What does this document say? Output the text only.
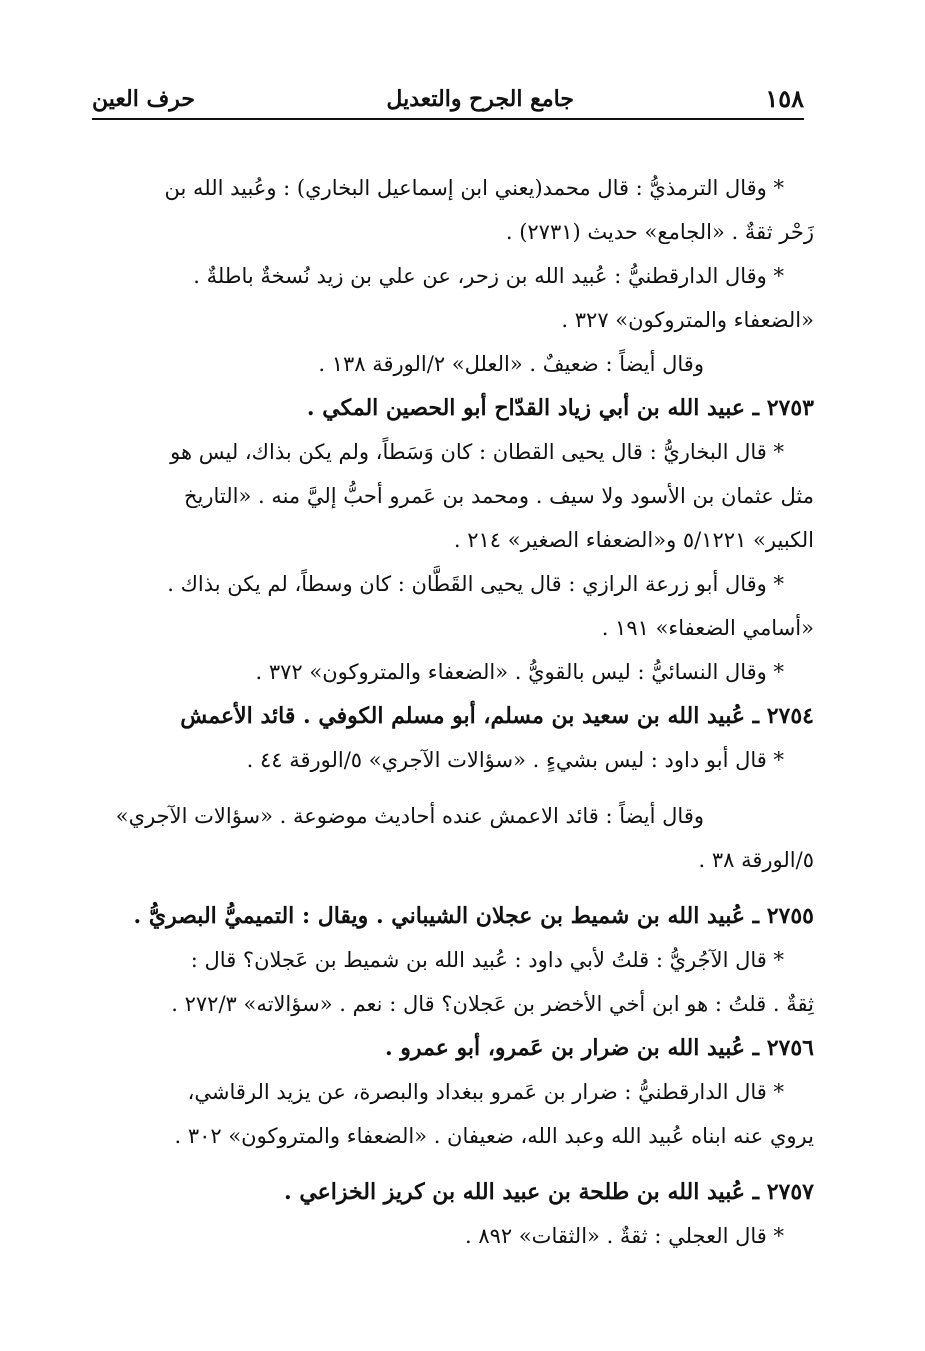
حرف العين	جامع الجرح والتعديل	١٥٨
* وقال الترمذيُّ : قال محمد(يعني ابن إسماعيل البخاري) : وعُبيد الله بن
زَحْر ثقةٌ . «الجامع» حديث (٢٧٣١) .
* وقال الدارقطنيُّ : عُبيد الله بن زحر، عن علي بن زيد نُسخةٌ باطلةٌ .
«الضعفاء والمتروكون» ٣٢٧ .
وقال أيضاً : ضعيفٌ . «العلل» ٢/الورقة ١٣٨ .
٢٧٥٣ ـ عبيد الله بن أبي زياد القدّاح أبو الحصين المكي .
* قال البخاريُّ : قال يحيى القطان : كان وَسَطاً، ولم يكن بذاك، ليس هو
مثل عثمان بن الأسود ولا سيف . ومحمد بن عَمرو أحبُّ إليَّ منه . «التاريخ
الكبير» ٥/١٢٢١ و«الضعفاء الصغير» ٢١٤ .
* وقال أبو زرعة الرازي : قال يحيى القَطَّان : كان وسطاً، لم يكن بذاك .
«أسامي الضعفاء» ١٩١ .
* وقال النسائيُّ : ليس بالقويُّ . «الضعفاء والمتروكون» ٣٧٢ .
٢٧٥٤ ـ عُبيد الله بن سعيد بن مسلم، أبو مسلم الكوفي . قائد الأعمش
* قال أبو داود : ليس بشيءٍ . «سؤالات الآجري» ٥/الورقة ٤٤ .
وقال أيضاً : قائد الاعمش عنده أحاديث موضوعة . «سؤالات الآجري»
٥/الورقة ٣٨ .
٢٧٥٥ ـ عُبيد الله بن شميط بن عجلان الشيباني . ويقال : التميميُّ البصريُّ .
* قال الآجُريُّ : قلتُ لأبي داود : عُبيد الله بن شميط بن عَجلان؟ قال :
ثِقةٌ . قلتُ : هو ابن أخي الأخضر بن عَجلان؟ قال : نعم . «سؤالاته» ٢٧٢/٣ .
٢٧٥٦ ـ عُبيد الله بن ضرار بن عَمرو، أبو عمرو .
* قال الدارقطنيُّ : ضرار بن عَمرو ببغداد والبصرة، عن يزيد الرقاشي،
يروي عنه ابناه عُبيد الله وعبد الله، ضعيفان . «الضعفاء والمتروكون» ٣٠٢ .
٢٧٥٧ ـ عُبيد الله بن طلحة بن عبيد الله بن كريز الخزاعي .
* قال العجلي : ثقةٌ . «الثقات» ٨٩٢ .
